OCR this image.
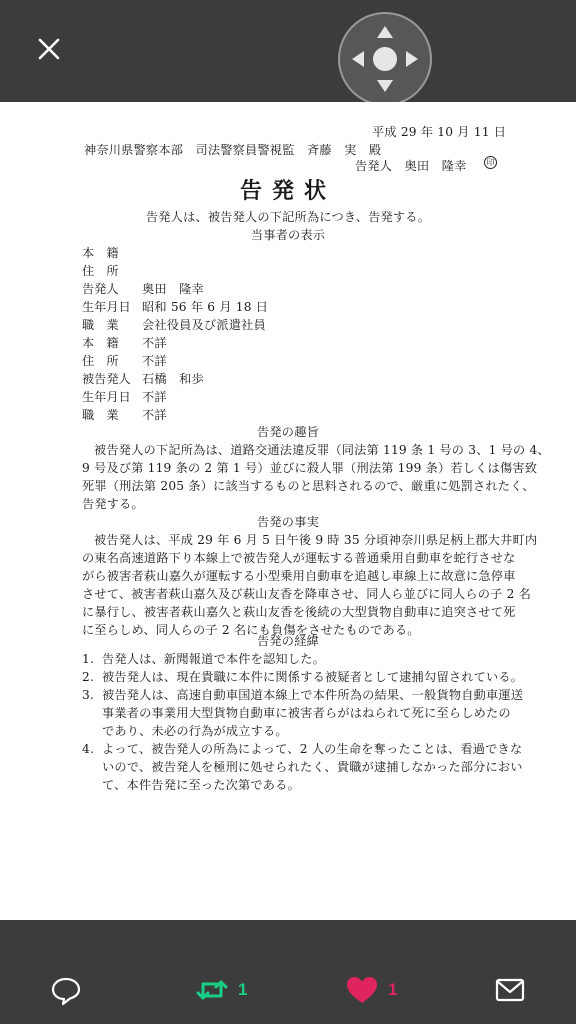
平成 29 年 10 月 11 日
神奈川県警察本部　司法警察員警視監　斉藤　実　殿
告発人　奥田　隆幸	印
告発状
告発人は、被告発人の下記所為につき、告発する。
当事者の表示
本　籍
住　所
告発人 奥田　隆幸
生年月日 昭和 56 年 6 月 18 日
職　業 会社役員及び派遣社員
本　籍 不詳
住　所 不詳
被告発人 石橋　和歩
生年月日 不詳
職　業 不詳
告発の趣旨
被告発人の下記所為は、道路交通法違反罪（同法第 119 条 1 号の 3、1 号の 4、
9 号及び第 119 条の 2 第 1 号）並びに殺人罪（刑法第 199 条）若しくは傷害致
死罪（刑法第 205 条）に該当するものと思料されるので、厳重に処罰されたく、
告発する。
告発の事実
被告発人は、平成 29 年 6 月 5 日午後 9 時 35 分頃神奈川県足柄上郡大井町内
の東名高速道路下り本線上で被告発人が運転する普通乗用自動車を蛇行させな
がら被害者萩山嘉久が運転する小型乗用自動車を追越し車線上に故意に急停車
させて、被害者萩山嘉久及び萩山友香を降車させ、同人ら並びに同人らの子 2 名
に暴行し、被害者萩山嘉久と萩山友香を後続の大型貨物自動車に追突させて死
に至らしめ、同人らの子 2 名にも負傷をさせたものである。
告発の経緯
1. 告発人は、新聞報道で本件を認知した。
2. 被告発人は、現在貴職に本件に関係する被疑者として逮捕勾留されている。
3. 被告発人は、高速自動車国道本線上で本件所為の結果、一般貨物自動車運送
事業者の事業用大型貨物自動車に被害者らがはねられて死に至らしめたの
であり、未必の行為が成立する。
4. よって、被告発人の所為によって、2 人の生命を奪ったことは、看過できな
いので、被告発人を極刑に処せられたく、貴職が逮捕しなかった部分におい
て、本件告発に至った次第である。
1	1
